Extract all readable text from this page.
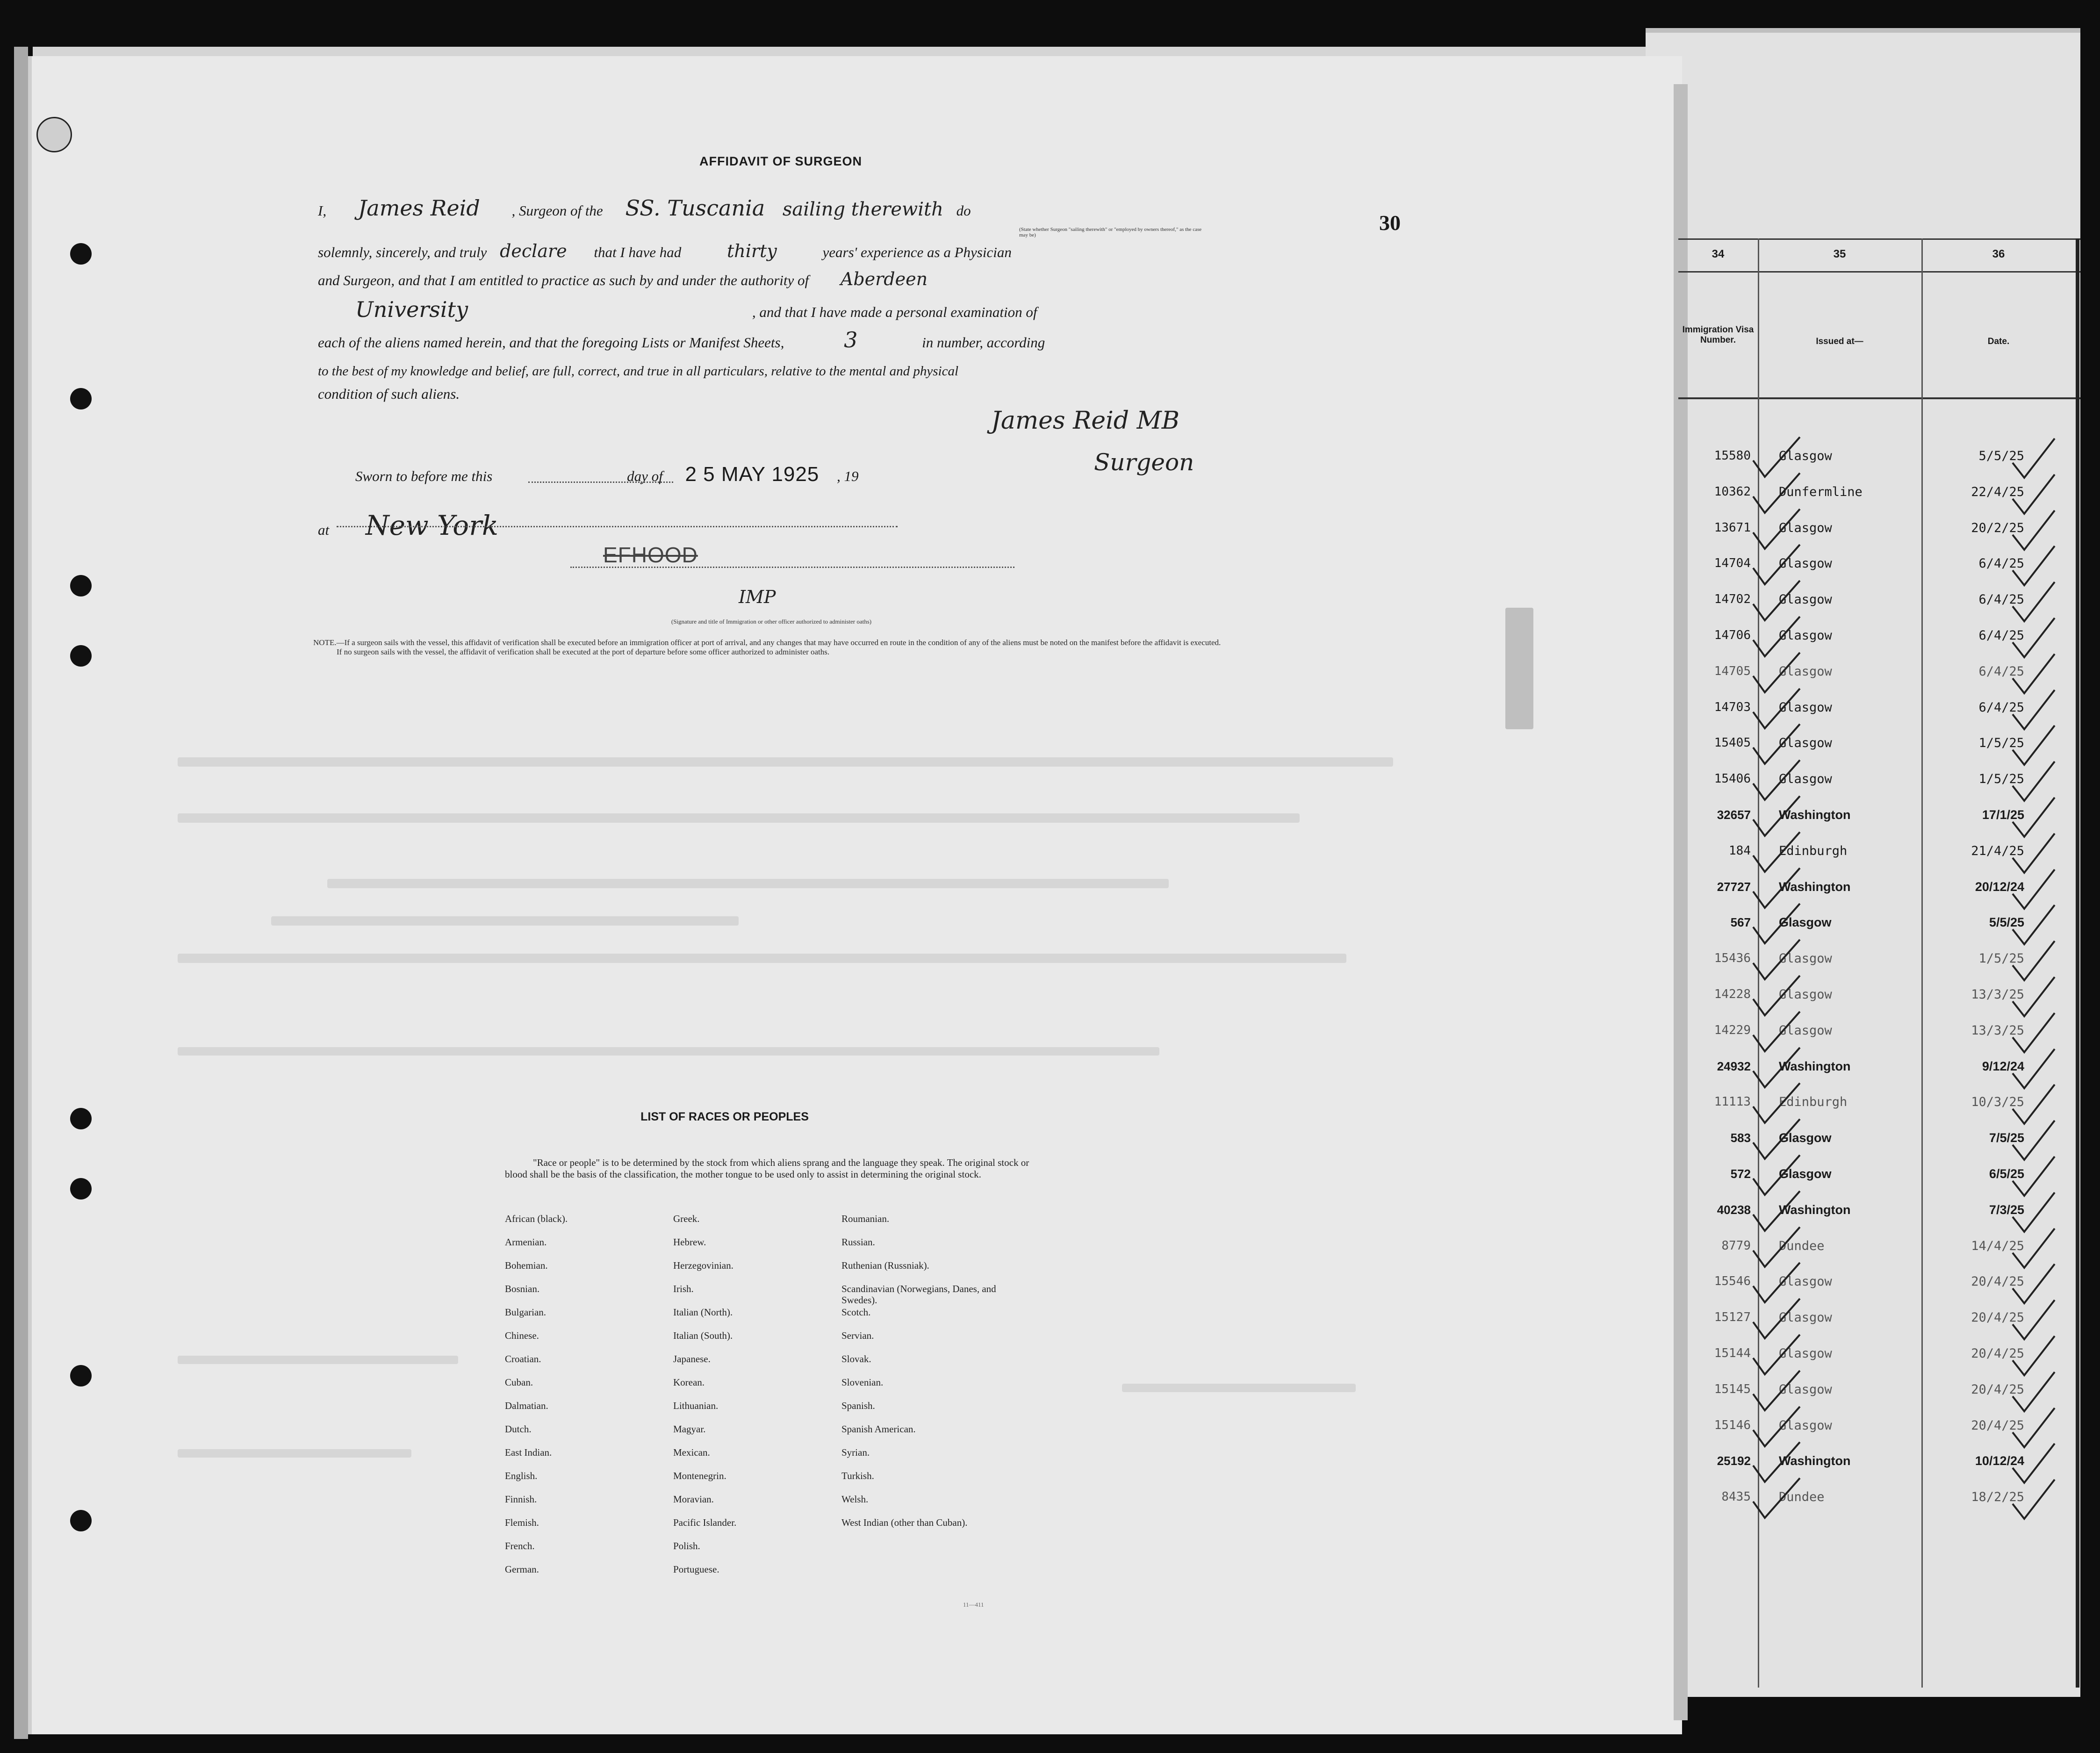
30
AFFIDAVIT OF SURGEON
I, James Reid , Surgeon of the SS. Tuscania sailing therewith do
(State whether Surgeon "sailing therewith" or "employed by owners thereof," as the case may be)
solemnly, sincerely, and truly declare that I have had	thirty	years' experience as a Physician
and Surgeon, and that I am entitled to practice as such by and under the authority of Aberdeen
University	, and that I have made a personal examination of
each of the aliens named herein, and that the foregoing Lists or Manifest Sheets,	3	in number, according
to the best of my knowledge and belief, are full, correct, and true in all particulars, relative to the mental and physical
condition of such aliens.
James Reid MB
Surgeon
Sworn to before me this	day of 2 5 MAY 1925 , 19
at New York
EFHOOD
IMP
(Signature and title of Immigration or other officer authorized to administer oaths)
NOTE.—If a surgeon sails with the vessel, this affidavit of verification shall be executed before an immigration officer at port of arrival, and any changes that may have occurred en route in the condition of any of the aliens must be noted on the manifest before the affidavit is executed.
If no surgeon sails with the vessel, the affidavit of verification shall be executed at the port of departure before some officer authorized to administer oaths.
LIST OF RACES OR PEOPLES
"Race or people" is to be determined by the stock from which aliens sprang and the language they speak. The original stock or blood shall be the basis of the classification, the mother tongue to be used only to assist in determining the original stock.
African (black).
Armenian.
Bohemian.
Bosnian.
Bulgarian.
Chinese.
Croatian.
Cuban.
Dalmatian.
Dutch.
East Indian.
English.
Finnish.
Flemish.
French.
German.
Greek.
Hebrew.
Herzegovinian.
Irish.
Italian (North).
Italian (South).
Japanese.
Korean.
Lithuanian.
Magyar.
Mexican.
Montenegrin.
Moravian.
Pacific Islander.
Polish.
Portuguese.
Roumanian.
Russian.
Ruthenian (Russniak).
Scandinavian (Norwegians, Danes, and Swedes).
Scotch.
Servian.
Slovak.
Slovenian.
Spanish.
Spanish American.
Syrian.
Turkish.
Welsh.
West Indian (other than Cuban).
11—411
34	35	36
Immigration Visa Number.	Issued at—	Date.
15580 Glasgow	5/5/25
10362 Dunfermline	22/4/25
13671 Glasgow	20/2/25
14704 Glasgow	6/4/25
14702 Glasgow	6/4/25
14706 Glasgow	6/4/25
14705 Glasgow	6/4/25
14703 Glasgow	6/4/25
15405 Glasgow	1/5/25
15406 Glasgow	1/5/25
32657 Washington	17/1/25
184 Edinburgh	21/4/25
27727 Washington	20/12/24
567 Glasgow	5/5/25
15436 Glasgow	1/5/25
14228 Glasgow	13/3/25
14229 Glasgow	13/3/25
24932 Washington	9/12/24
11113 Edinburgh	10/3/25
583 Glasgow	7/5/25
572 Glasgow	6/5/25
40238 Washington	7/3/25
8779 Dundee	14/4/25
15546 Glasgow	20/4/25
15127 Glasgow	20/4/25
15144 Glasgow	20/4/25
15145 Glasgow	20/4/25
15146 Glasgow	20/4/25
25192 Washington	10/12/24
8435 Dundee	18/2/25
